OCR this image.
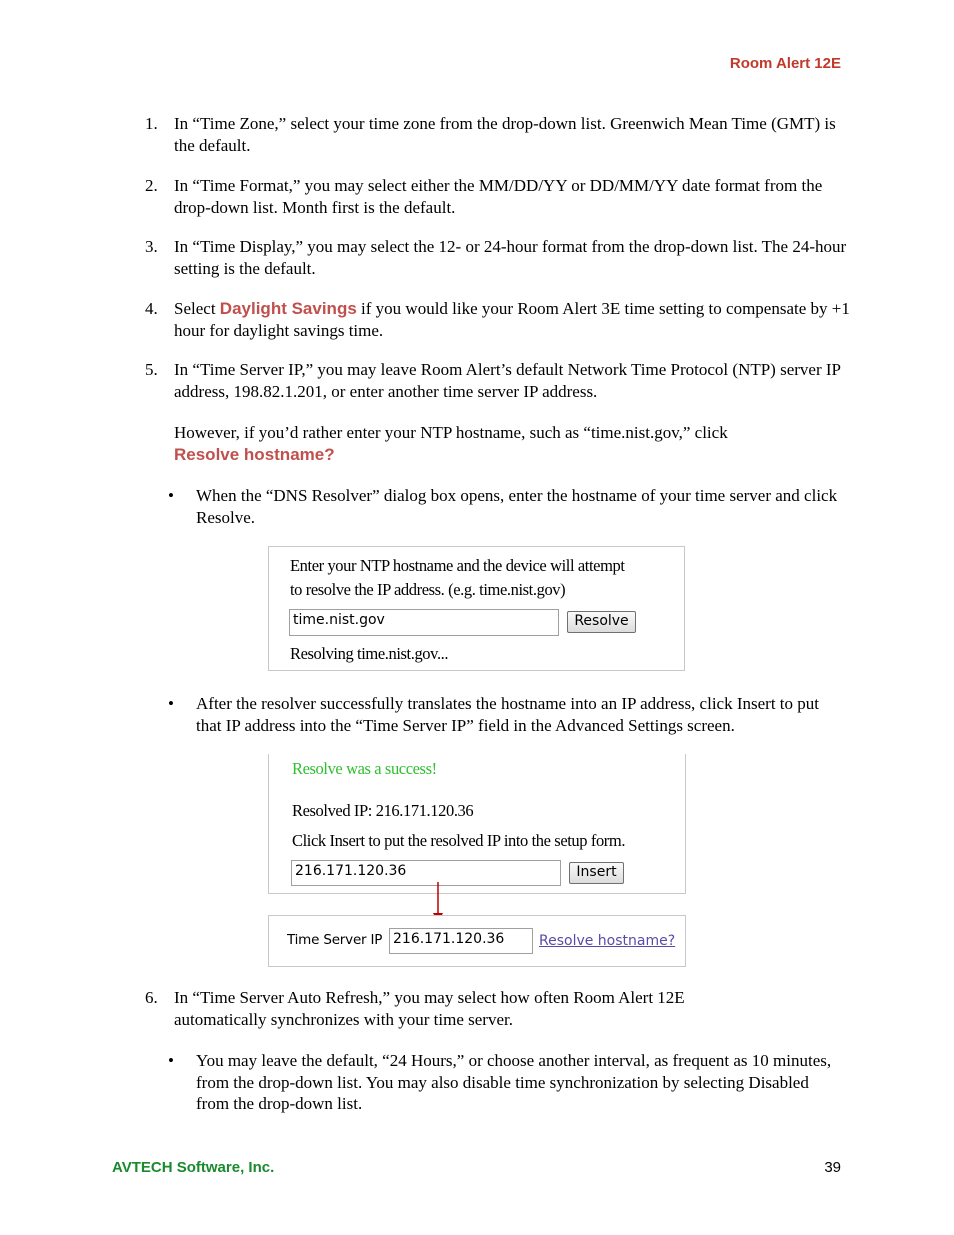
Room Alert 12E
1. In “Time Zone,” select your time zone from the drop-down list. Greenwich Mean Time (GMT) is the default.
2. In “Time Format,” you may select either the MM/DD/YY or DD/MM/YY date format from the drop-down list. Month first is the default.
3. In “Time Display,” you may select the 12- or 24-hour format from the drop-down list. The 24-hour setting is the default.
4. Select Daylight Savings if you would like your Room Alert 3E time setting to compensate by +1 hour for daylight savings time.
5. In “Time Server IP,” you may leave Room Alert’s default Network Time Protocol (NTP) server IP address, 198.82.1.201, or enter another time server IP address.
However, if you’d rather enter your NTP hostname, such as “time.nist.gov,” click
Resolve hostname?
• When the “DNS Resolver” dialog box opens, enter the hostname of your time server and click Resolve.
Enter your NTP hostname and the device will attempt
to resolve the IP address. (e.g. time.nist.gov)
time.nist.gov	Resolve
Resolving time.nist.gov...
• After the resolver successfully translates the hostname into an IP address, click Insert to put that IP address into the “Time Server IP” field in the Advanced Settings screen.
Resolve was a success!
Resolved IP: 216.171.120.36
Click Insert to put the resolved IP into the setup form.
216.171.120.36	Insert
Time Server IP 216.171.120.36	Resolve hostname?
6. In “Time Server Auto Refresh,” you may select how often Room Alert 12E automatically synchronizes with your time server.
• You may leave the default, “24 Hours,” or choose another interval, as frequent as 10 minutes, from the drop-down list. You may also disable time synchronization by selecting Disabled from the drop-down list.
AVTECH Software, Inc.	39
